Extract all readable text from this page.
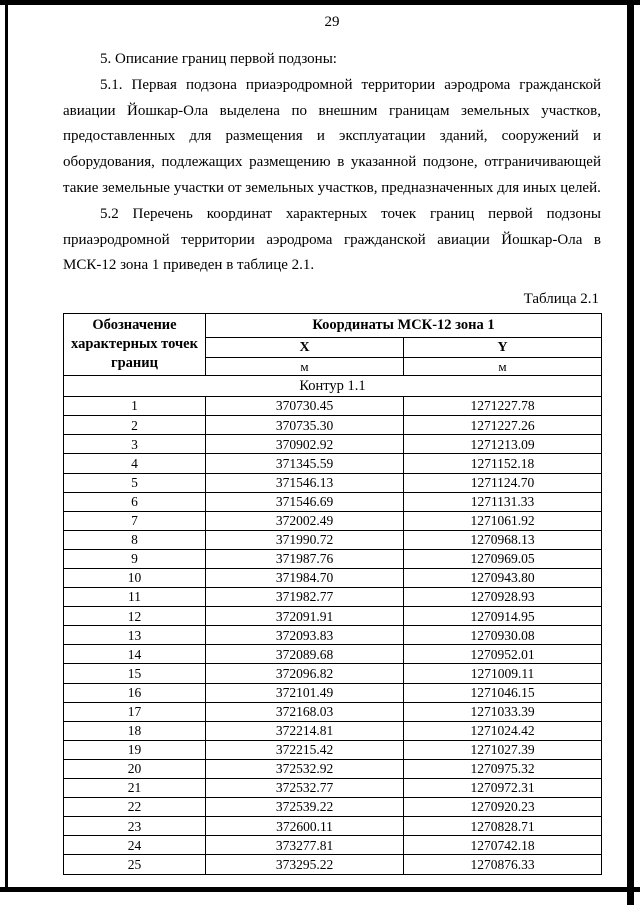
29

5. Описание границ первой подзоны:

5.1. Первая подзона приаэродромной территории аэродрома гражданской авиации Йошкар-Ола выделена по внешним границам земельных участков, предоставленных для размещения и эксплуатации зданий, сооружений и оборудования, подлежащих размещению в указанной подзоне, отграничивающей такие земельные участки от земельных участков, предназначенных для иных целей.

5.2 Перечень координат характерных точек границ первой подзоны приаэродромной территории аэродрома гражданской авиации Йошкар-Ола в МСК-12 зона 1 приведен в таблице 2.1.

Таблица 2.1
Обозначение характерных точек границ	Координаты МСК-12 зона 1	
	X	Y
	м	м
Контур 1.1		
1	370730.45	1271227.78
2	370735.30	1271227.26
3	370902.92	1271213.09
4	371345.59	1271152.18
5	371546.13	1271124.70
6	371546.69	1271131.33
7	372002.49	1271061.92
8	371990.72	1270968.13
9	371987.76	1270969.05
10	371984.70	1270943.80
11	371982.77	1270928.93
12	372091.91	1270914.95
13	372093.83	1270930.08
14	372089.68	1270952.01
15	372096.82	1271009.11
16	372101.49	1271046.15
17	372168.03	1271033.39
18	372214.81	1271024.42
19	372215.42	1271027.39
20	372532.92	1270975.32
21	372532.77	1270972.31
22	372539.22	1270920.23
23	372600.11	1270828.71
24	373277.81	1270742.18
25	373295.22	1270876.33
